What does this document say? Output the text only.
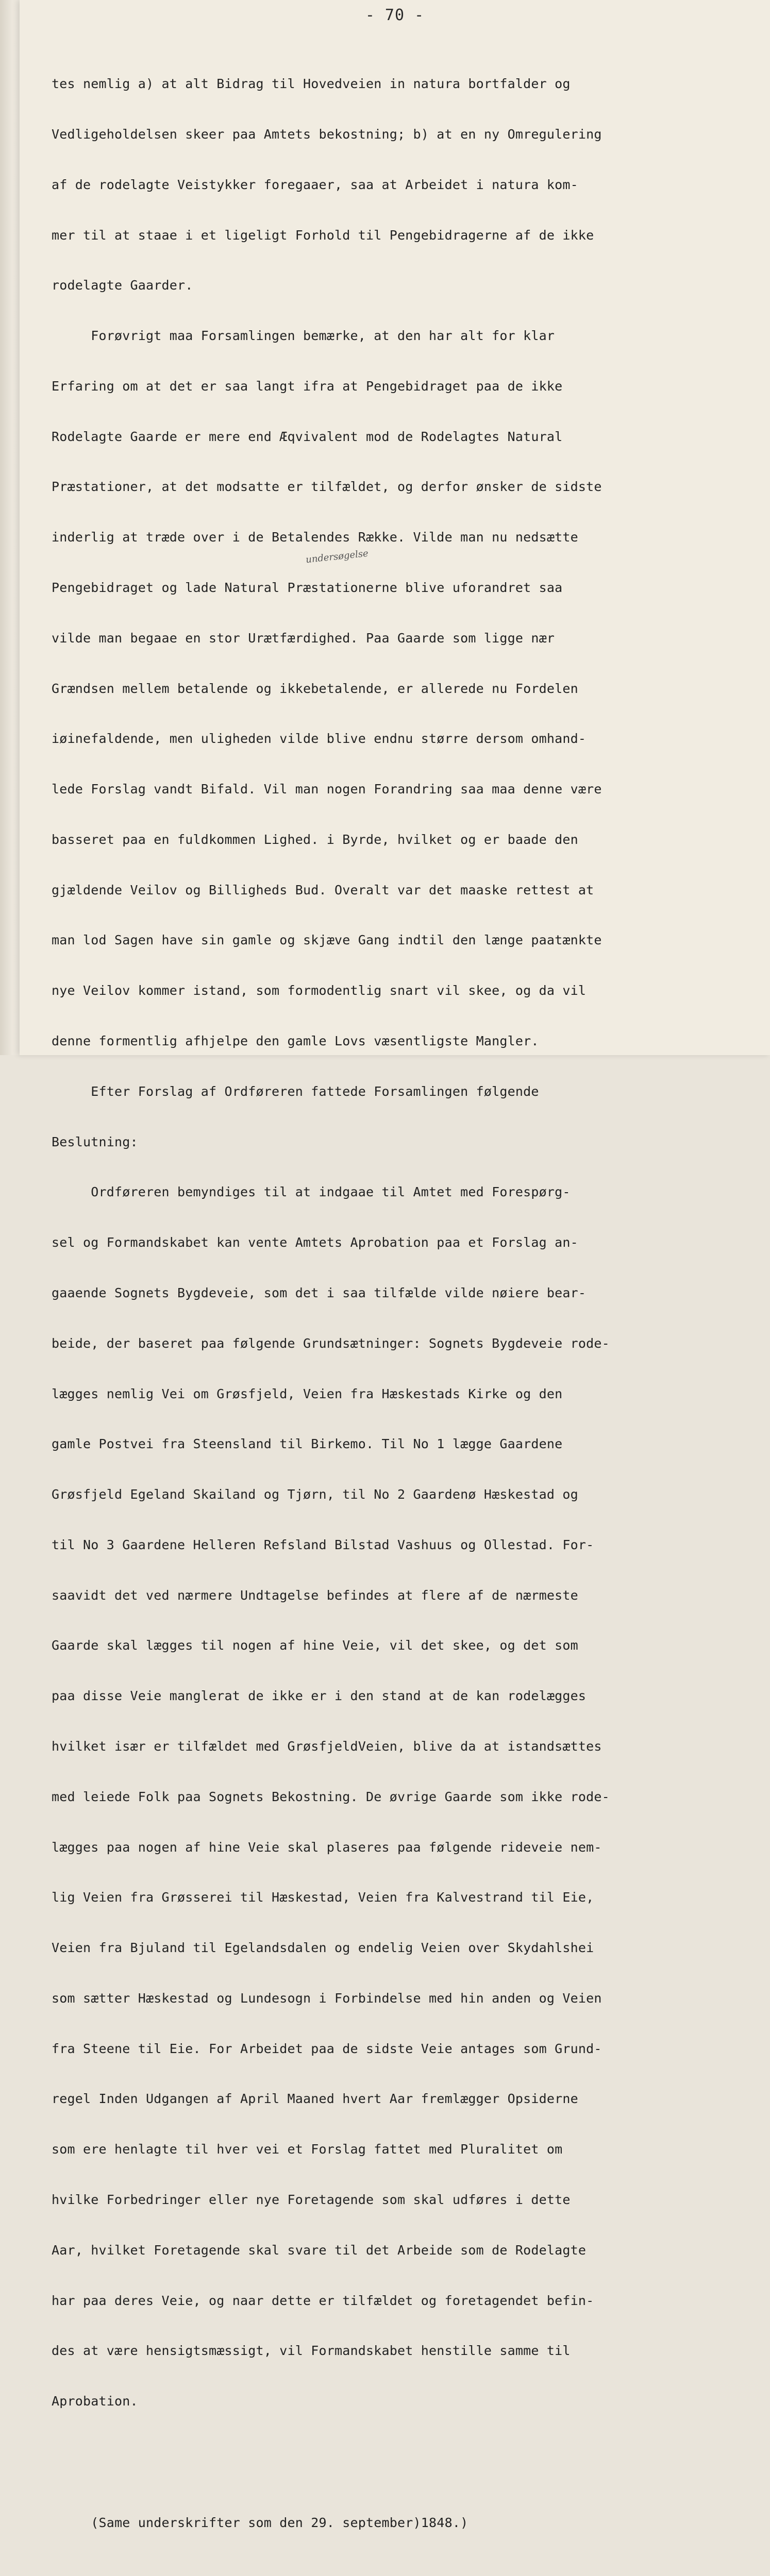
- 70 -

tes nemlig a) at alt Bidrag til Hovedveien in natura bortfalder og

Vedligeholdelsen skeer paa Amtets bekostning; b) at en ny Omregulering

af de rodelagte Veistykker foregaaer, saa at Arbeidet i natura kom-

mer til at staae i et ligeligt Forhold til Pengebidragerne af de ikke

rodelagte Gaarder.

Forøvrigt maa Forsamlingen bemærke, at den har alt for klar

Erfaring om at det er saa langt ifra at Pengebidraget paa de ikke

Rodelagte Gaarde er mere end Æqvivalent mod de Rodelagtes Natural

Præstationer, at det modsatte er tilfældet, og derfor ønsker de sidste

inderlig at træde over i de Betalendes Række. Vilde man nu nedsætte

Pengebidraget og lade Natural Præstationerne blive uforandret saa

vilde man begaae en stor Urætfærdighed. Paa Gaarde som ligge nær

Grændsen mellem betalende og ikkebetalende, er allerede nu Fordelen

iøinefaldende, men uligheden vilde blive endnu større dersom omhand-

lede Forslag vandt Bifald. Vil man nogen Forandring saa maa denne være

basseret paa en fuldkommen Lighed. i Byrde, hvilket og er baade den

gjældende Veilov og Billigheds Bud. Overalt var det maaske rettest at

man lod Sagen have sin gamle og skjæve Gang indtil den længe paatænkte

nye Veilov kommer istand, som formodentlig snart vil skee, og da vil

denne formentlig afhjelpe den gamle Lovs væsentligste Mangler.

Efter Forslag af Ordføreren fattede Forsamlingen følgende

Beslutning:

Ordføreren bemyndiges til at indgaae til Amtet med Forespørg-

sel og Formandskabet kan vente Amtets Aprobation paa et Forslag an-

gaaende Sognets Bygdeveie, som det i saa tilfælde vilde nøiere bear-

beide, der baseret paa følgende Grundsætninger: Sognets Bygdeveie rode-

lægges nemlig Vei om Grøsfjeld, Veien fra Hæskestads Kirke og den

gamle Postvei fra Steensland til Birkemo. Til No 1 lægge Gaardene

Grøsfjeld Egeland Skailand og Tjørn, til No 2 Gaardenø Hæskestad og

til No 3 Gaardene Helleren Refsland Bilstad Vashuus og Ollestad. For-

saavidt det ved nærmere Undtagelse befindes at flere af de nærmeste

Gaarde skal lægges til nogen af hine Veie, vil det skee, og det som

paa disse Veie manglerat de ikke er i den stand at de kan rodelægges

hvilket især er tilfældet med GrøsfjeldVeien, blive da at istandsættes

med leiede Folk paa Sognets Bekostning. De øvrige Gaarde som ikke rode-

lægges paa nogen af hine Veie skal plaseres paa følgende rideveie nem-

lig Veien fra Grøsserei til Hæskestad, Veien fra Kalvestrand til Eie,

Veien fra Bjuland til Egelandsdalen og endelig Veien over Skydahlshei

som sætter Hæskestad og Lundesogn i Forbindelse med hin anden og Veien

fra Steene til Eie. For Arbeidet paa de sidste Veie antages som Grund-

regel Inden Udgangen af April Maaned hvert Aar fremlægger Opsiderne

som ere henlagte til hver vei et Forslag fattet med Pluralitet om

hvilke Forbedringer eller nye Foretagende som skal udføres i dette

Aar, hvilket Foretagende skal svare til det Arbeide som de Rodelagte

har paa deres Veie, og naar dette er tilfældet og foretagendet befin-

des at være hensigtsmæssigt, vil Formandskabet henstille samme til

Aprobation.

(Same underskrifter som den 29. september)1848.)

undersøgelse
